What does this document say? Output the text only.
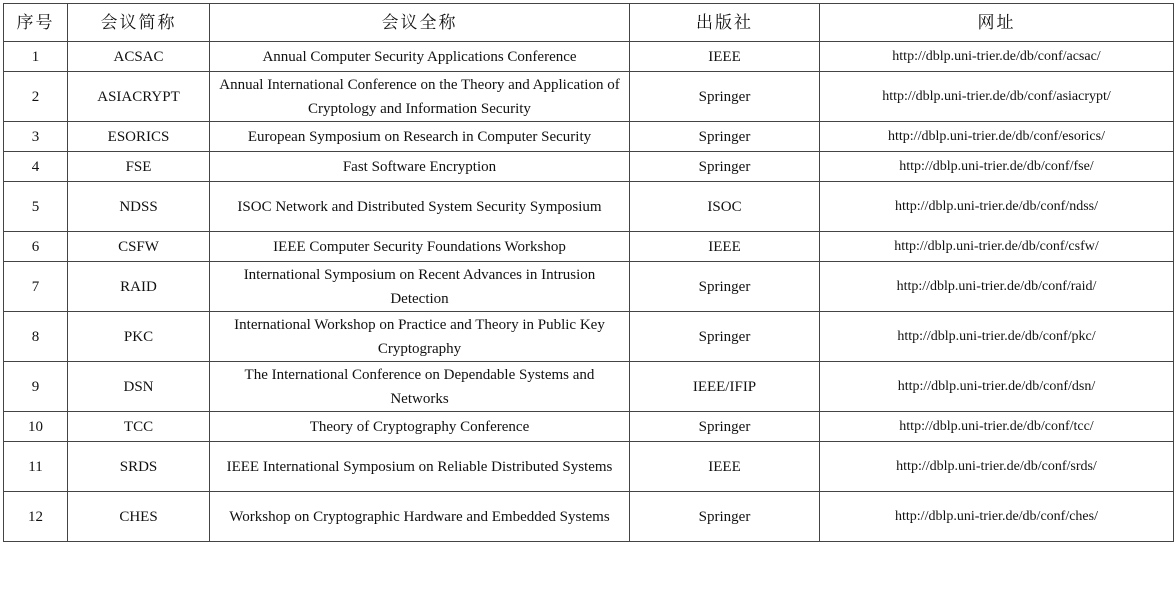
序号	会议简称	会议全称	出版社	网址
1	ACSAC	Annual Computer Security Applications Conference	IEEE	http://dblp.uni-trier.de/db/conf/acsac/
2	ASIACRYPT	Annual International Conference on the Theory and Application of Cryptology and Information Security	Springer	http://dblp.uni-trier.de/db/conf/asiacrypt/
3	ESORICS	European Symposium on Research in Computer Security	Springer	http://dblp.uni-trier.de/db/conf/esorics/
4	FSE	Fast Software Encryption	Springer	http://dblp.uni-trier.de/db/conf/fse/
5	NDSS	ISOC Network and Distributed System Security Symposium	ISOC	http://dblp.uni-trier.de/db/conf/ndss/
6	CSFW	IEEE Computer Security Foundations Workshop	IEEE	http://dblp.uni-trier.de/db/conf/csfw/
7	RAID	International Symposium on Recent Advances in Intrusion Detection	Springer	http://dblp.uni-trier.de/db/conf/raid/
8	PKC	International Workshop on Practice and Theory in Public Key Cryptography	Springer	http://dblp.uni-trier.de/db/conf/pkc/
9	DSN	The International Conference on Dependable Systems and Networks	IEEE/IFIP	http://dblp.uni-trier.de/db/conf/dsn/
10	TCC	Theory of Cryptography Conference	Springer	http://dblp.uni-trier.de/db/conf/tcc/
11	SRDS	IEEE International Symposium on Reliable Distributed Systems	IEEE	http://dblp.uni-trier.de/db/conf/srds/
12	CHES	Workshop on Cryptographic Hardware and Embedded Systems	Springer	http://dblp.uni-trier.de/db/conf/ches/
